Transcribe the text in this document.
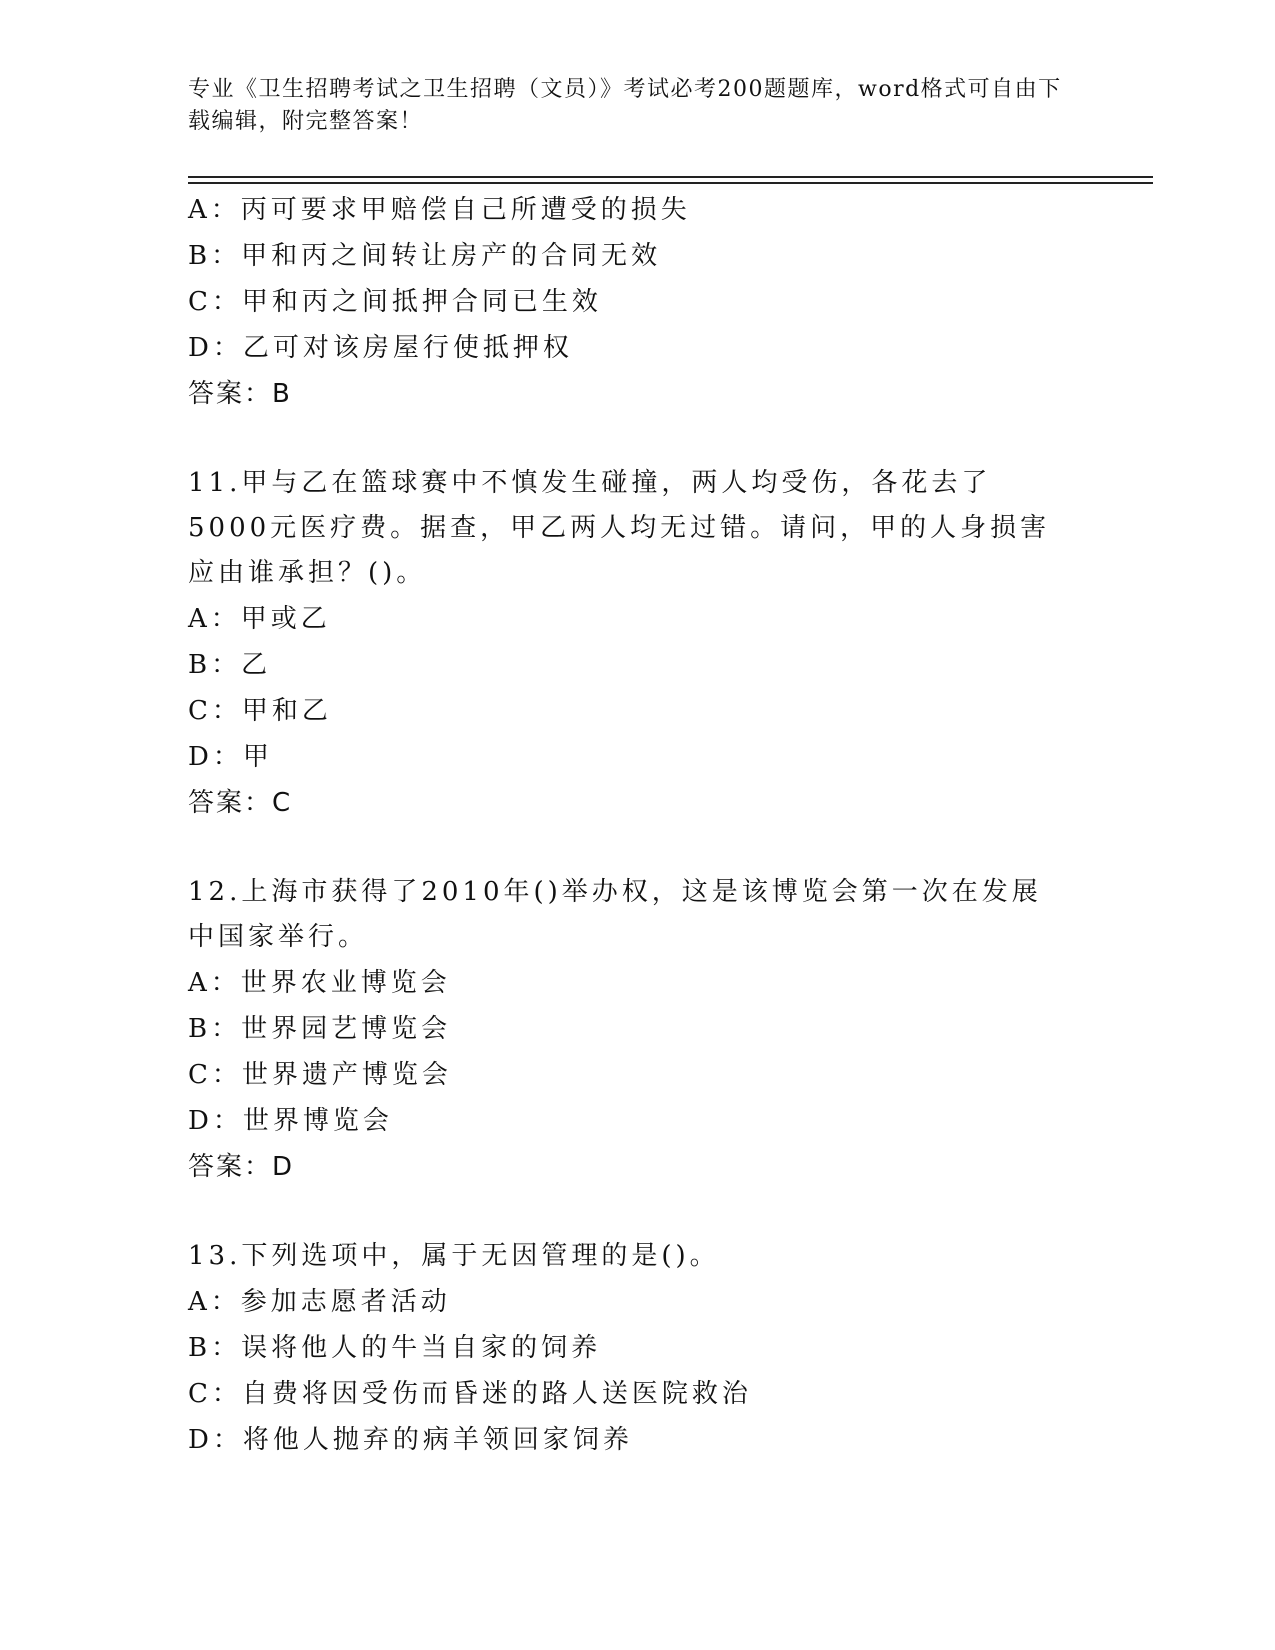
专业《卫生招聘考试之卫生招聘（文员）》考试必考200题题库，word格式可自由下载编辑，附完整答案！
A：丙可要求甲赔偿自己所遭受的损失
B：甲和丙之间转让房产的合同无效
C：甲和丙之间抵押合同已生效
D：乙可对该房屋行使抵押权
答案：B
11.甲与乙在篮球赛中不慎发生碰撞，两人均受伤，各花去了5000元医疗费。据查，甲乙两人均无过错。请问，甲的人身损害应由谁承担？()。
A：甲或乙
B：乙
C：甲和乙
D：甲
答案：C
12.上海市获得了2010年()举办权，这是该博览会第一次在发展中国家举行。
A：世界农业博览会
B：世界园艺博览会
C：世界遗产博览会
D：世界博览会
答案：D
13.下列选项中，属于无因管理的是()。
A：参加志愿者活动
B：误将他人的牛当自家的饲养
C：自费将因受伤而昏迷的路人送医院救治
D：将他人抛弃的病羊领回家饲养
